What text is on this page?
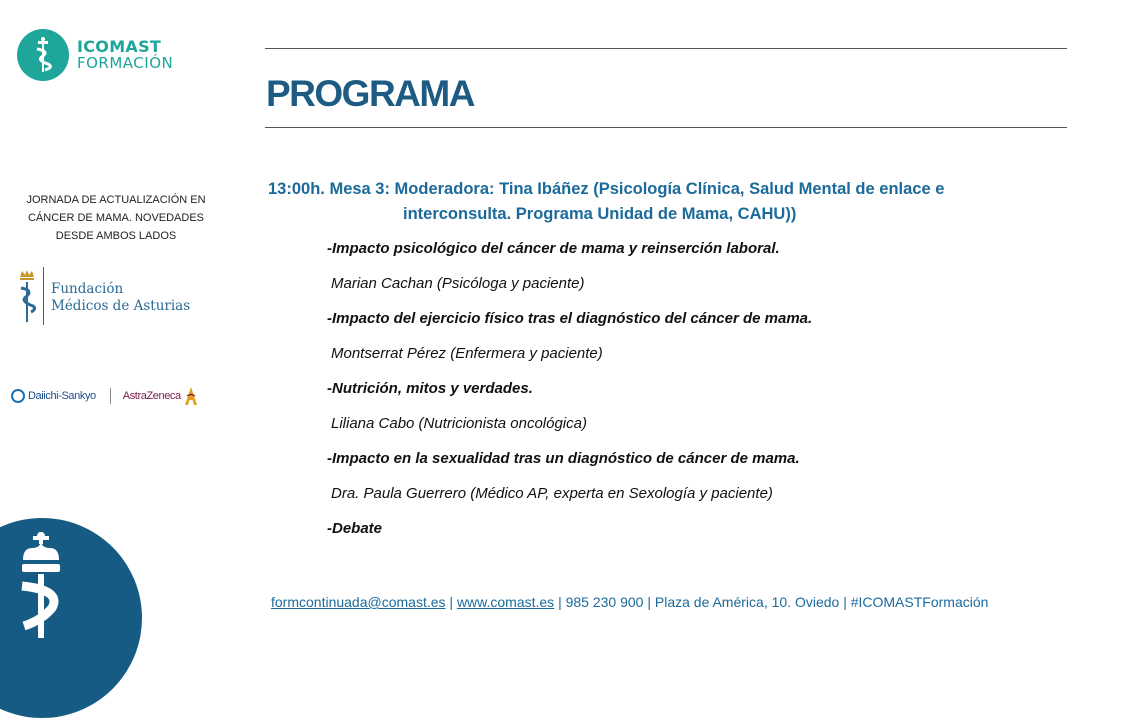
ICOMAST
FORMACIÓN
PROGRAMA
JORNADA DE ACTUALIZACIÓN EN
CÁNCER DE MAMA. NOVEDADES
DESDE AMBOS LADOS
Fundación
Médicos de Asturias
Daiichi-Sankyo AstraZeneca
13:00h. Mesa 3: Moderadora: Tina Ibáñez (Psicología Clínica, Salud Mental de enlace e
interconsulta. Programa Unidad de Mama, CAHU))
-Impacto psicológico del cáncer de mama y reinserción laboral.
Marian Cachan (Psicóloga y paciente)
-Impacto del ejercicio físico tras el diagnóstico del cáncer de mama.
Montserrat Pérez (Enfermera y paciente)
-Nutrición, mitos y verdades.
Liliana Cabo (Nutricionista oncológica)
-Impacto en la sexualidad tras un diagnóstico de cáncer de mama.
Dra. Paula Guerrero (Médico AP, experta en Sexología y paciente)
-Debate
formcontinuada@comast.es | www.comast.es | 985 230 900 | Plaza de América, 10. Oviedo | #ICOMASTFormación
